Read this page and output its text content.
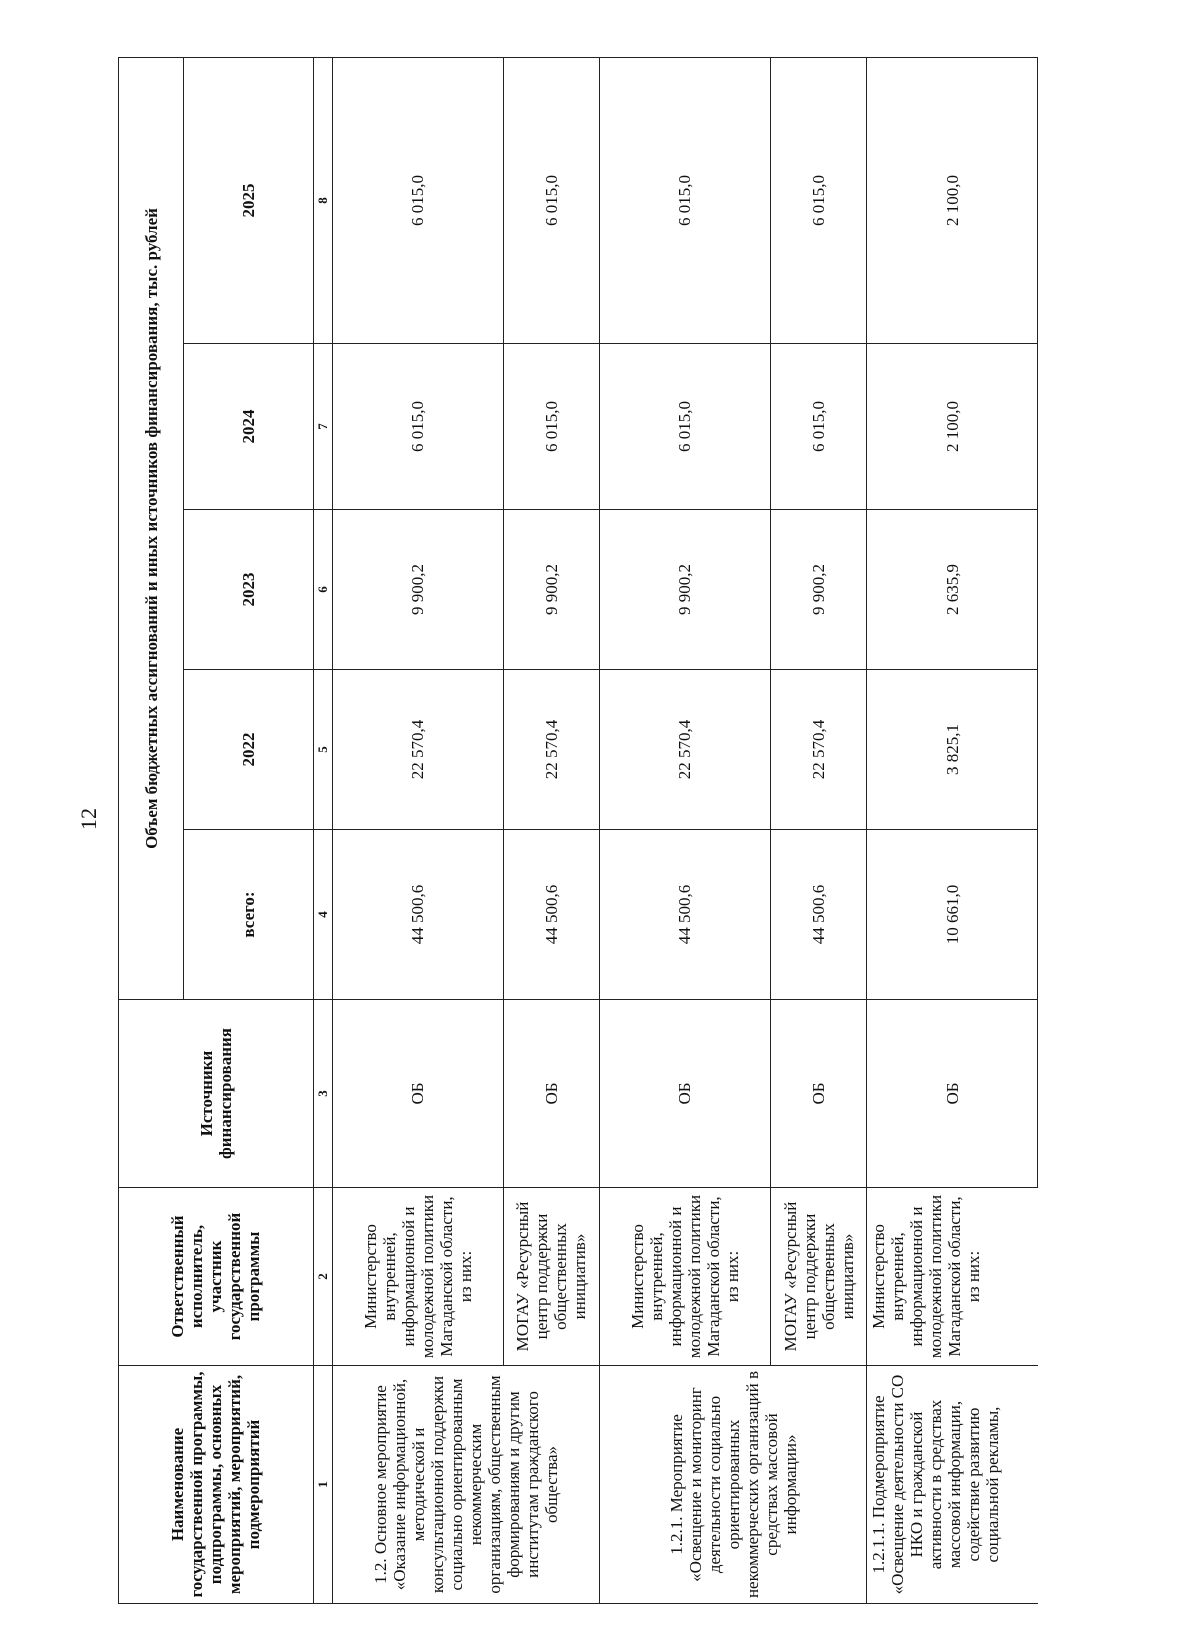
12
Наименование государственной программы, подпрограммы, основных мероприятий, мероприятий, подмероприятий	Ответственный исполнитель, участник государственной программы	Источники финансирования	Объем бюджетных ассигнований и иных источников финансирования, тыс. рублей				
			всего:	2022	2023	2024	2025
1	2	3	4	5	6	7	8
1.2. Основное мероприятие «Оказание информационной, методической и консультационной поддержки социально ориентированным некоммерческим организациям, общественным формированиям и другим институтам гражданского общества»	Министерство внутренней, информационной и молодежной политики Магаданской области, из них:	ОБ	44 500,6	22 570,4	9 900,2	6 015,0	6 015,0
	МОГАУ «Ресурсный центр поддержки общественных инициатив»	ОБ	44 500,6	22 570,4	9 900,2	6 015,0	6 015,0
1.2.1. Мероприятие «Освещение и мониторинг деятельности социально ориентированных некоммерческих организаций в средствах массовой информации»	Министерство внутренней, информационной и молодежной политики Магаданской области, из них:	ОБ	44 500,6	22 570,4	9 900,2	6 015,0	6 015,0
	МОГАУ «Ресурсный центр поддержки общественных инициатив»	ОБ	44 500,6	22 570,4	9 900,2	6 015,0	6 015,0
1.2.1.1. Подмероприятие «Освещение деятельности СО НКО и гражданской активности в средствах массовой информации, содействие развитию социальной рекламы,	Министерство внутренней, информационной и молодежной политики Магаданской области, из них:	ОБ	10 661,0	3 825,1	2 635,9	2 100,0	2 100,0
